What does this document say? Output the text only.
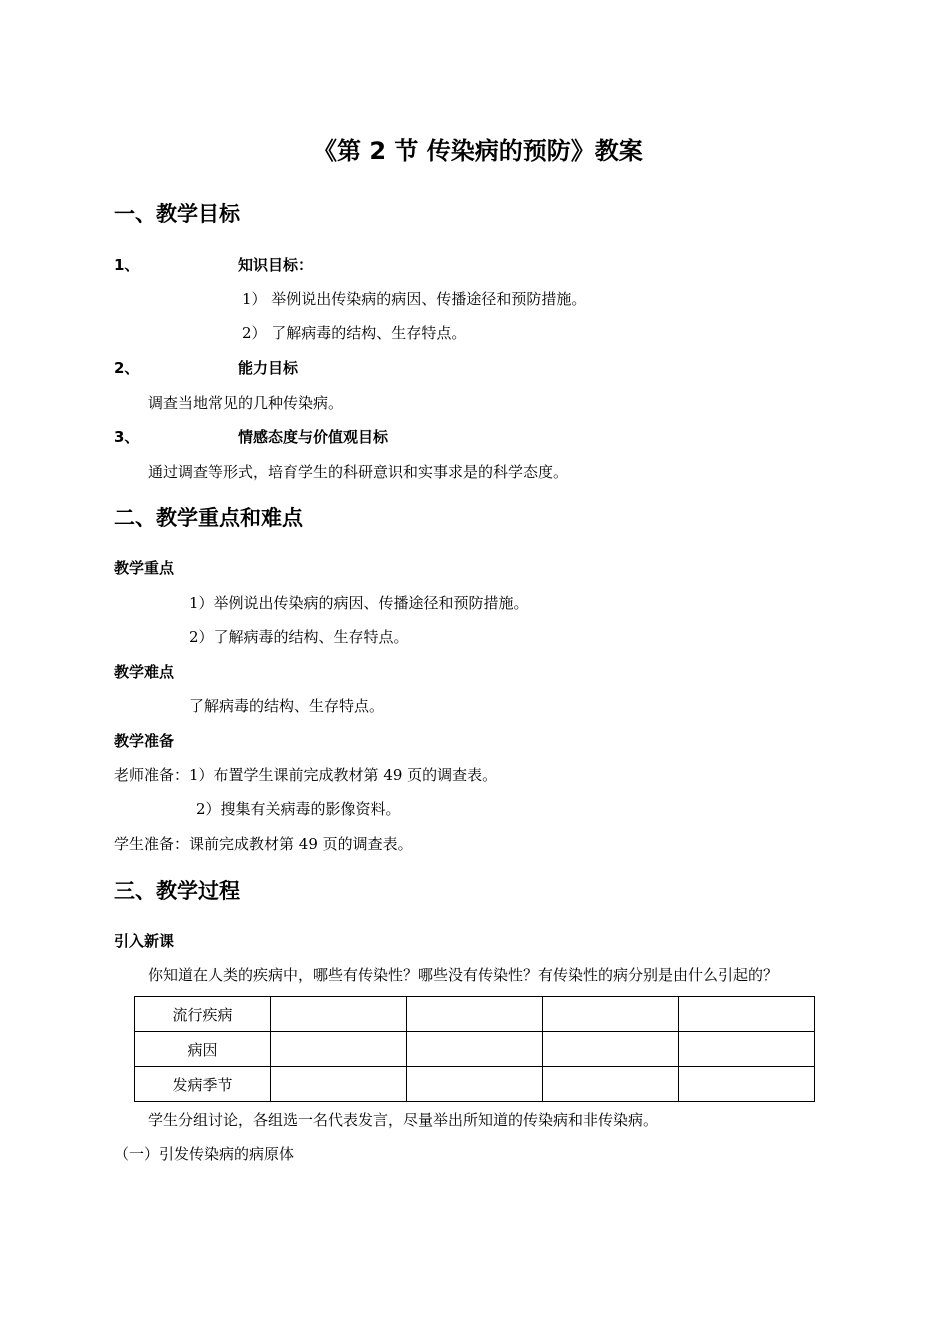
《第 2 节 传染病的预防》教案
一、教学目标
1、	知识目标：
1） 举例说出传染病的病因、传播途径和预防措施。
2） 了解病毒的结构、生存特点。
2、	能力目标
调查当地常见的几种传染病。
3、	情感态度与价值观目标
通过调查等形式，培育学生的科研意识和实事求是的科学态度。
二、教学重点和难点
教学重点
1）举例说出传染病的病因、传播途径和预防措施。
2）了解病毒的结构、生存特点。
教学难点
了解病毒的结构、生存特点。
教学准备
老师准备：1）布置学生课前完成教材第 49 页的调查表。
2）搜集有关病毒的影像资料。
学生准备：课前完成教材第 49 页的调查表。
三、教学过程
引入新课
你知道在人类的疾病中，哪些有传染性？哪些没有传染性？有传染性的病分别是由什么引起的？
流行疾病				
病因				
发病季节				
学生分组讨论，各组选一名代表发言，尽量举出所知道的传染病和非传染病。
（一）引发传染病的病原体
